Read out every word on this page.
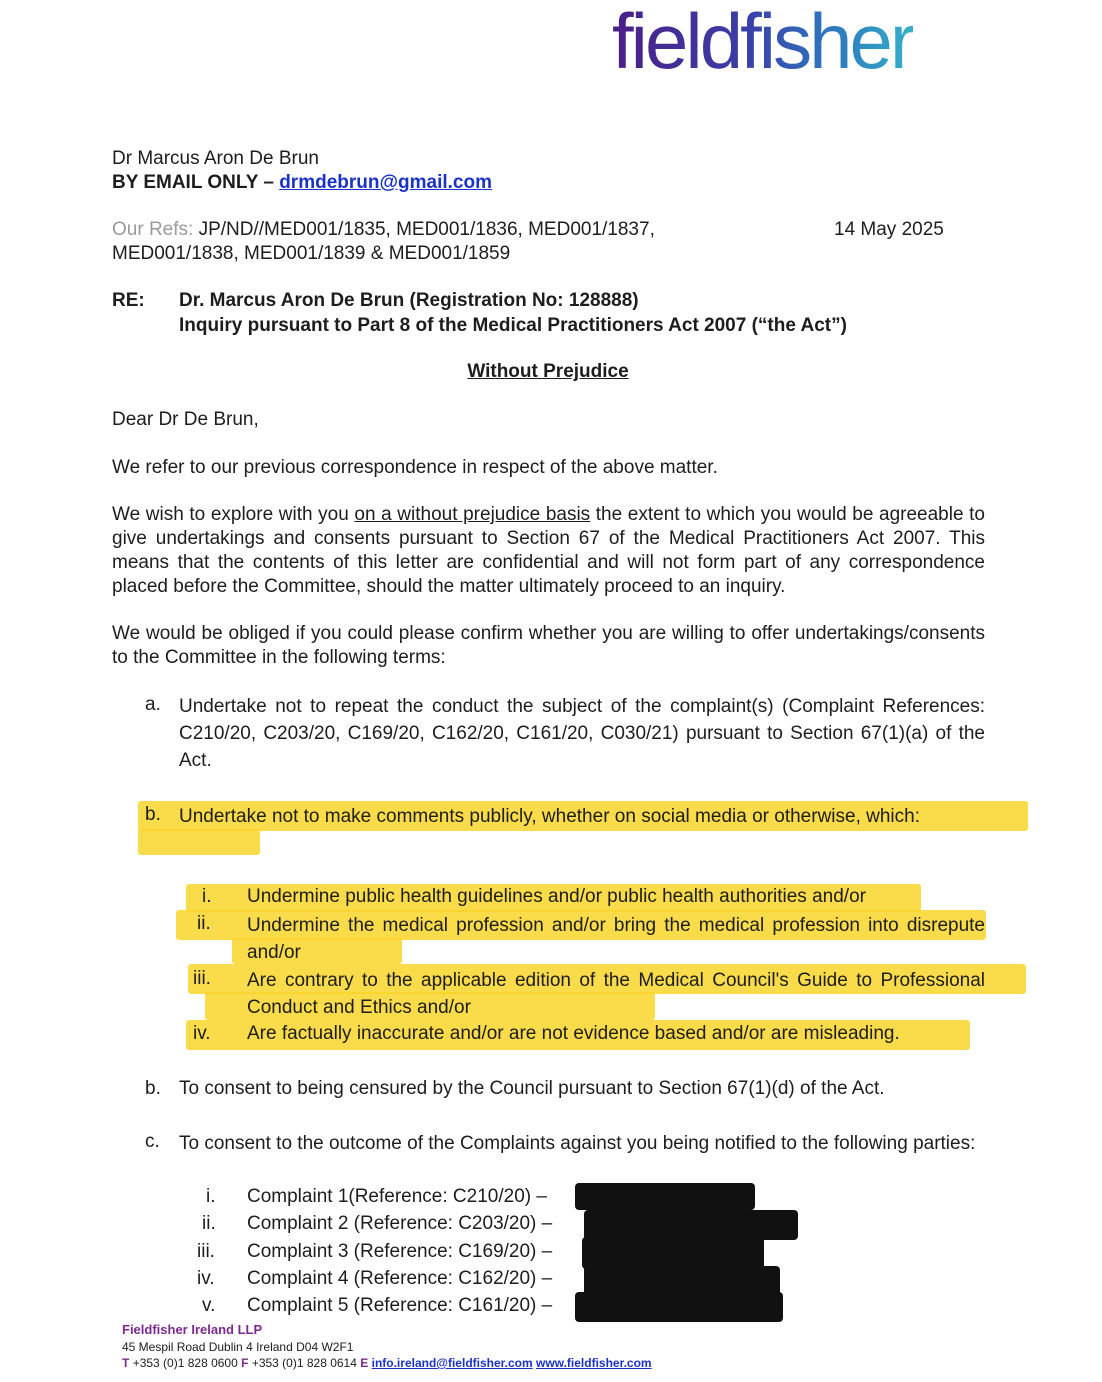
fieldfisher
Dr Marcus Aron De Brun
BY EMAIL ONLY – drmdebrun@gmail.com
Our Refs: JP/ND//MED001/1835, MED001/1836, MED001/1837,
MED001/1838, MED001/1839 & MED001/1859
14 May 2025
RE: Dr. Marcus Aron De Brun (Registration No: 128888)
Inquiry pursuant to Part 8 of the Medical Practitioners Act 2007 (“the Act”)
Without Prejudice
Dear Dr De Brun,
We refer to our previous correspondence in respect of the above matter.
We wish to explore with you on a without prejudice basis the extent to which you would be agreeable to give undertakings and consents pursuant to Section 67 of the Medical Practitioners Act 2007. This means that the contents of this letter are confidential and will not form part of any correspondence placed before the Committee, should the matter ultimately proceed to an inquiry.
We would be obliged if you could please confirm whether you are willing to offer undertakings/consents to the Committee in the following terms:
a. Undertake not to repeat the conduct the subject of the complaint(s) (Complaint References: C210/20, C203/20, C169/20, C162/20, C161/20, C030/21) pursuant to Section 67(1)(a) of the Act.
b. Undertake not to make comments publicly, whether on social media or otherwise, which:
i. Undermine public health guidelines and/or public health authorities and/or
ii. Undermine the medical profession and/or bring the medical profession into disrepute and/or
iii. Are contrary to the applicable edition of the Medical Council's Guide to Professional Conduct and Ethics and/or
iv. Are factually inaccurate and/or are not evidence based and/or are misleading.
b. To consent to being censured by the Council pursuant to Section 67(1)(d) of the Act.
c. To consent to the outcome of the Complaints against you being notified to the following parties:
i. Complaint 1(Reference: C210/20) –
ii. Complaint 2 (Reference: C203/20) –
iii. Complaint 3 (Reference: C169/20) –
iv. Complaint 4 (Reference: C162/20) –
v. Complaint 5 (Reference: C161/20) –
Fieldfisher Ireland LLP
45 Mespil Road Dublin 4 Ireland D04 W2F1
T +353 (0)1 828 0600 F +353 (0)1 828 0614 E info.ireland@fieldfisher.com www.fieldfisher.com
